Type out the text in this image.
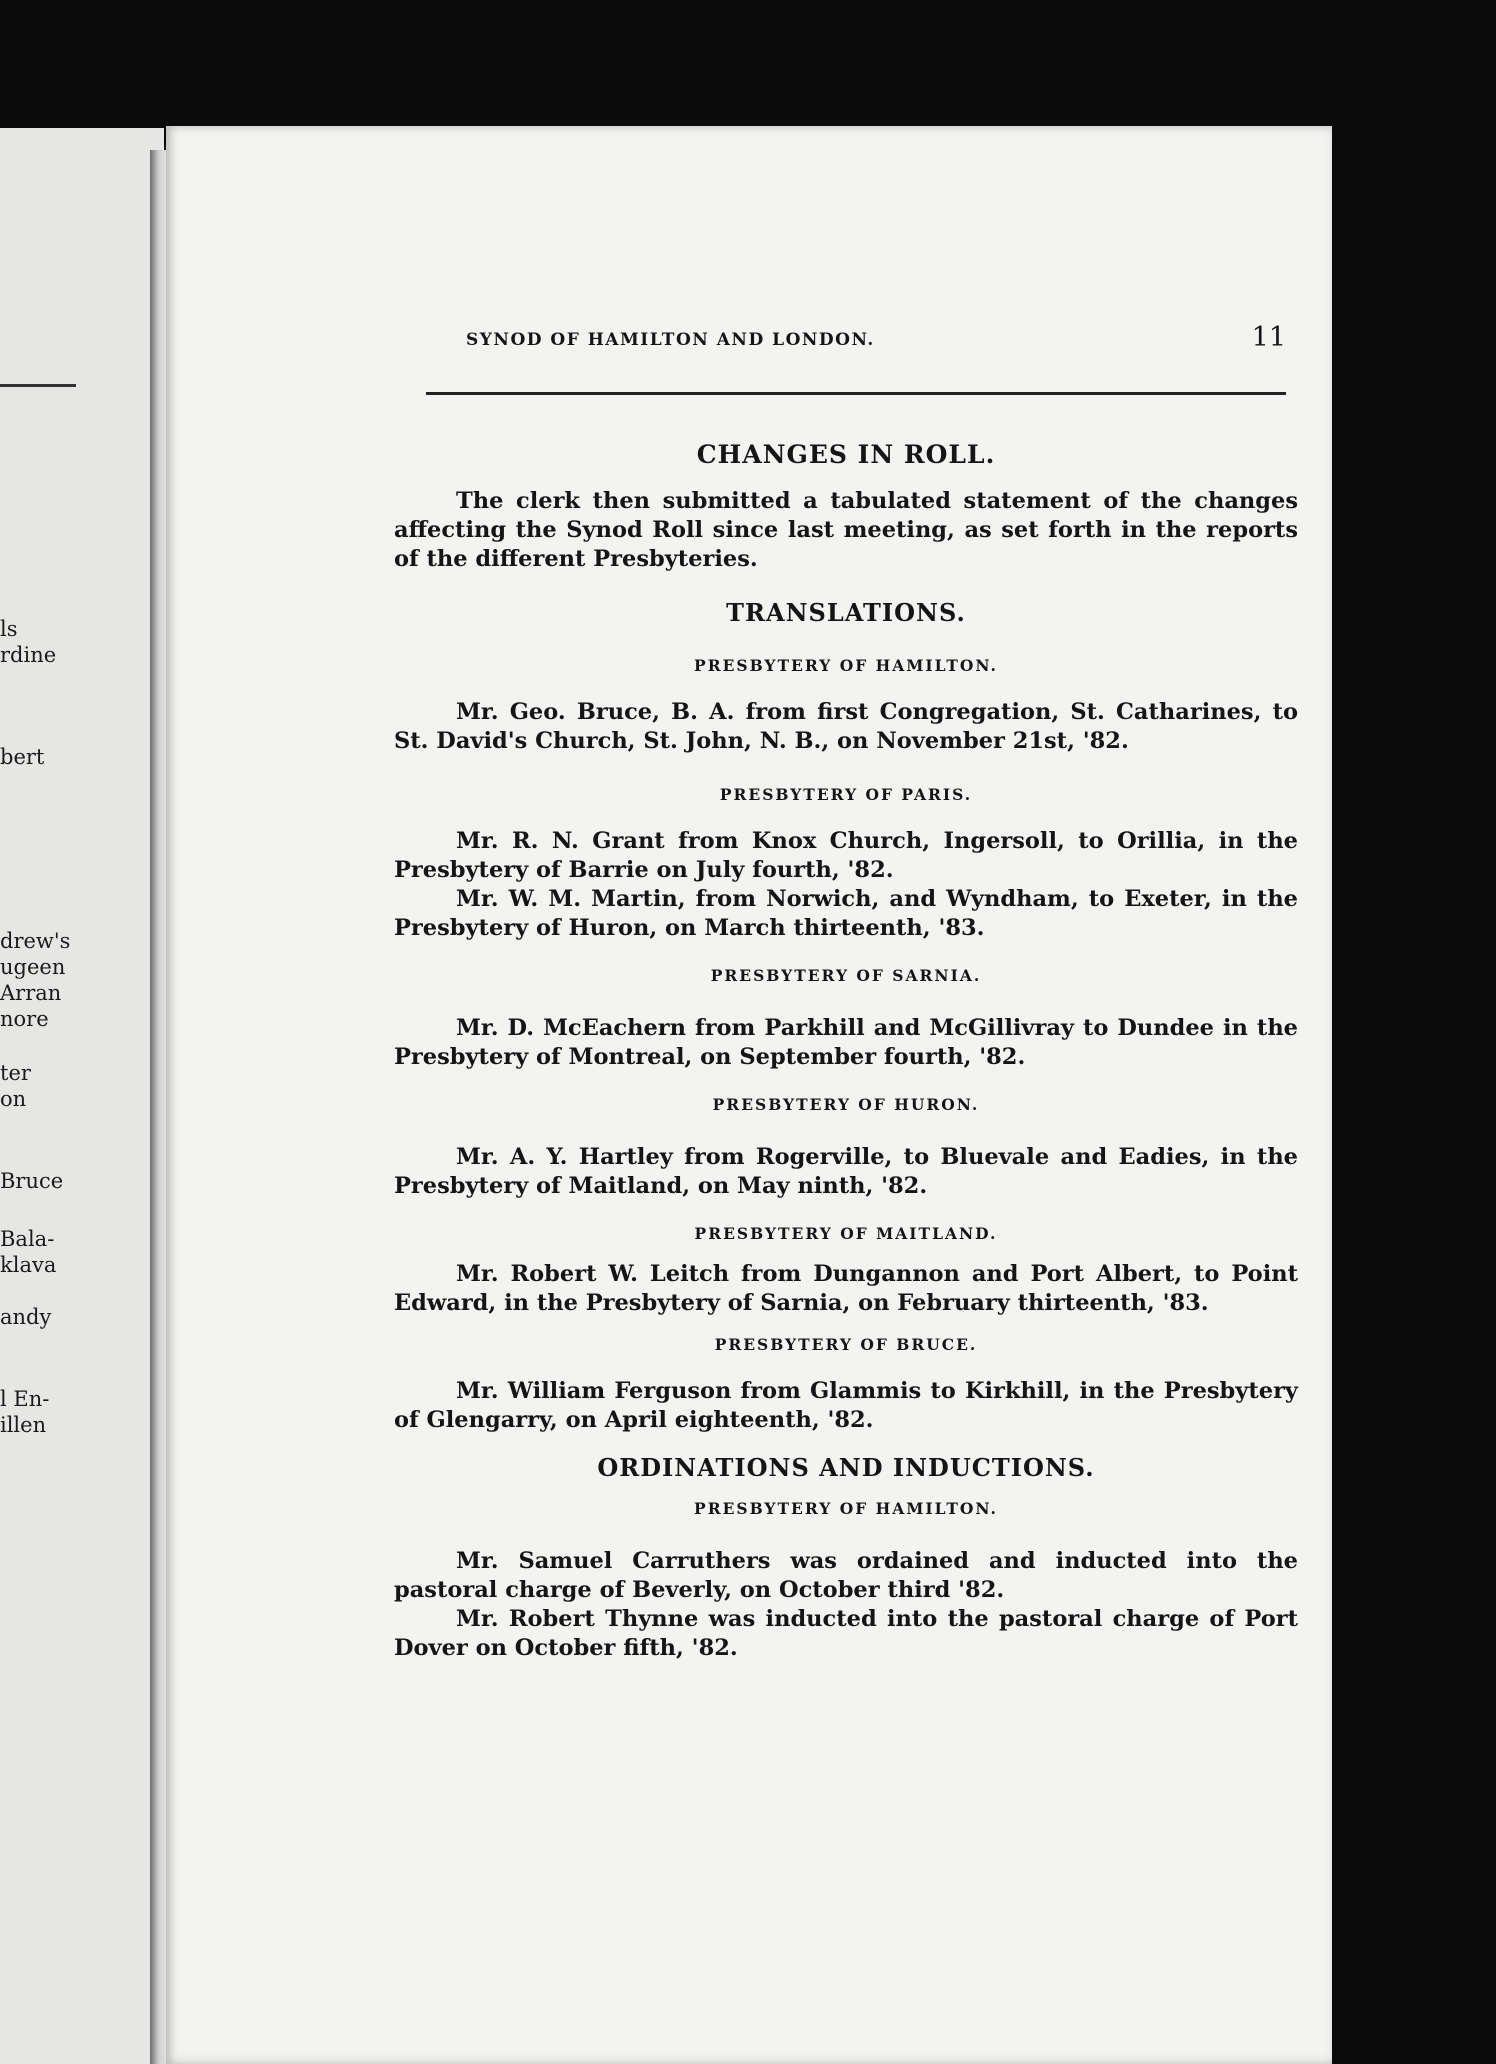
ls
rdine
bert
drew's
ugeen
Arran
nore
ter
on
Bruce
Bala-
klava
andy
l En-
illen
SYNOD OF HAMILTON AND LONDON.	11
CHANGES IN ROLL.

The clerk then submitted a tabulated statement of the changes affecting the Synod Roll since last meeting, as set forth in the reports of the different Presbyteries.

TRANSLATIONS.
PRESBYTERY OF HAMILTON.

Mr. Geo. Bruce, B. A. from first Congregation, St. Catharines, to St. David's Church, St. John, N. B., on November 21st, '82.

PRESBYTERY OF PARIS.

Mr. R. N. Grant from Knox Church, Ingersoll, to Orillia, in the Presbytery of Barrie on July fourth, '82.

Mr. W. M. Martin, from Norwich, and Wyndham, to Exeter, in the Presbytery of Huron, on March thirteenth, '83.

PRESBYTERY OF SARNIA.

Mr. D. McEachern from Parkhill and McGillivray to Dundee in the Presbytery of Montreal, on September fourth, '82.

PRESBYTERY OF HURON.

Mr. A. Y. Hartley from Rogerville, to Bluevale and Eadies, in the Presbytery of Maitland, on May ninth, '82.

PRESBYTERY OF MAITLAND.

Mr. Robert W. Leitch from Dungannon and Port Albert, to Point Edward, in the Presbytery of Sarnia, on February thirteenth, '83.

PRESBYTERY OF BRUCE.

Mr. William Ferguson from Glammis to Kirkhill, in the Presbytery of Glengarry, on April eighteenth, '82.

ORDINATIONS AND INDUCTIONS.
PRESBYTERY OF HAMILTON.

Mr. Samuel Carruthers was ordained and inducted into the pastoral charge of Beverly, on October third '82.

Mr. Robert Thynne was inducted into the pastoral charge of Port Dover on October fifth, '82.
